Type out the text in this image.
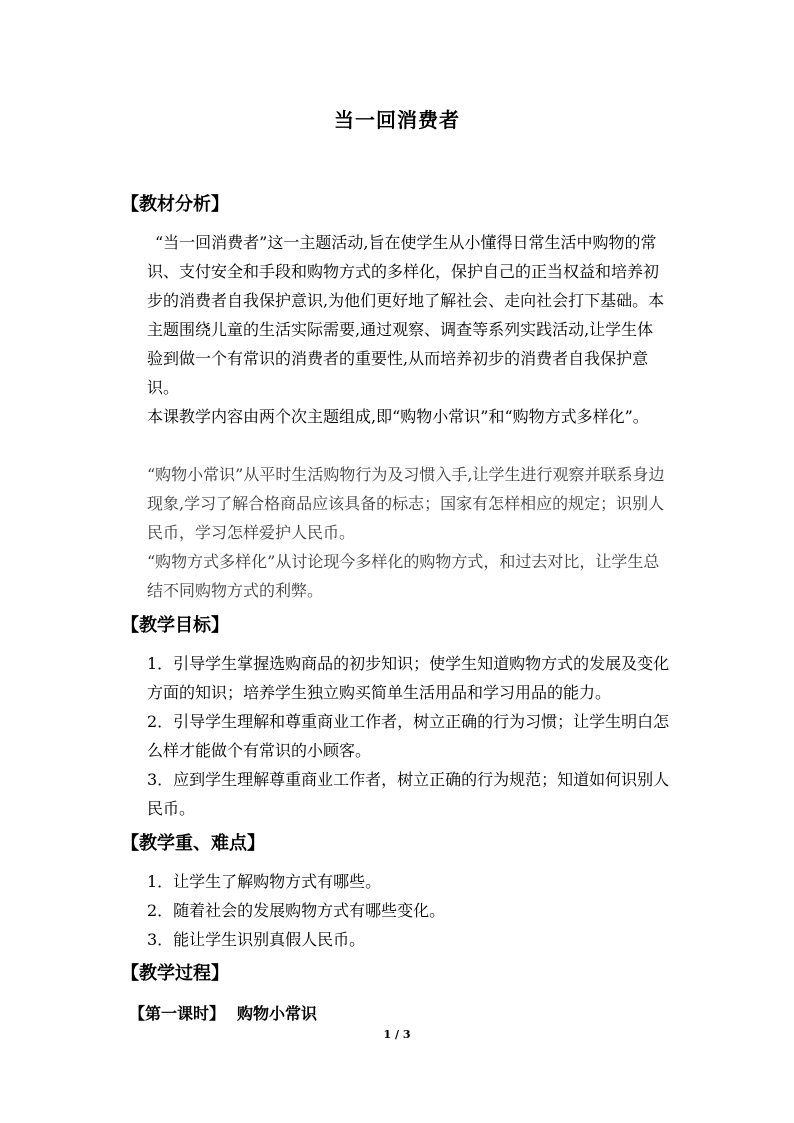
当一回消费者
【教材分析】
“当一回消费者”这一主题活动,旨在使学生从小懂得日常生活中购物的常识、支付安全和手段和购物方式的多样化，保护自己的正当权益和培养初步的消费者自我保护意识,为他们更好地了解社会、走向社会打下基础。本主题围绕儿童的生活实际需要,通过观察、调查等系列实践活动,让学生体验到做一个有常识的消费者的重要性,从而培养初步的消费者自我保护意识。
本课教学内容由两个次主题组成,即“购物小常识”和“购物方式多样化”。
“购物小常识”从平时生活购物行为及习惯入手,让学生进行观察并联系身边现象,学习了解合格商品应该具备的标志；国家有怎样相应的规定；识别人民币，学习怎样爱护人民币。
“购物方式多样化”从讨论现今多样化的购物方式，和过去对比，让学生总结不同购物方式的利弊。
【教学目标】
1．引导学生掌握选购商品的初步知识；使学生知道购物方式的发展及变化方面的知识；培养学生独立购买简单生活用品和学习用品的能力。
2．引导学生理解和尊重商业工作者，树立正确的行为习惯；让学生明白怎么样才能做个有常识的小顾客。
3．应到学生理解尊重商业工作者，树立正确的行为规范；知道如何识别人民币。
【教学重、难点】
1．让学生了解购物方式有哪些。
2．随着社会的发展购物方式有哪些变化。
3．能让学生识别真假人民币。
【教学过程】
【第一课时】 购物小常识
1 / 3
